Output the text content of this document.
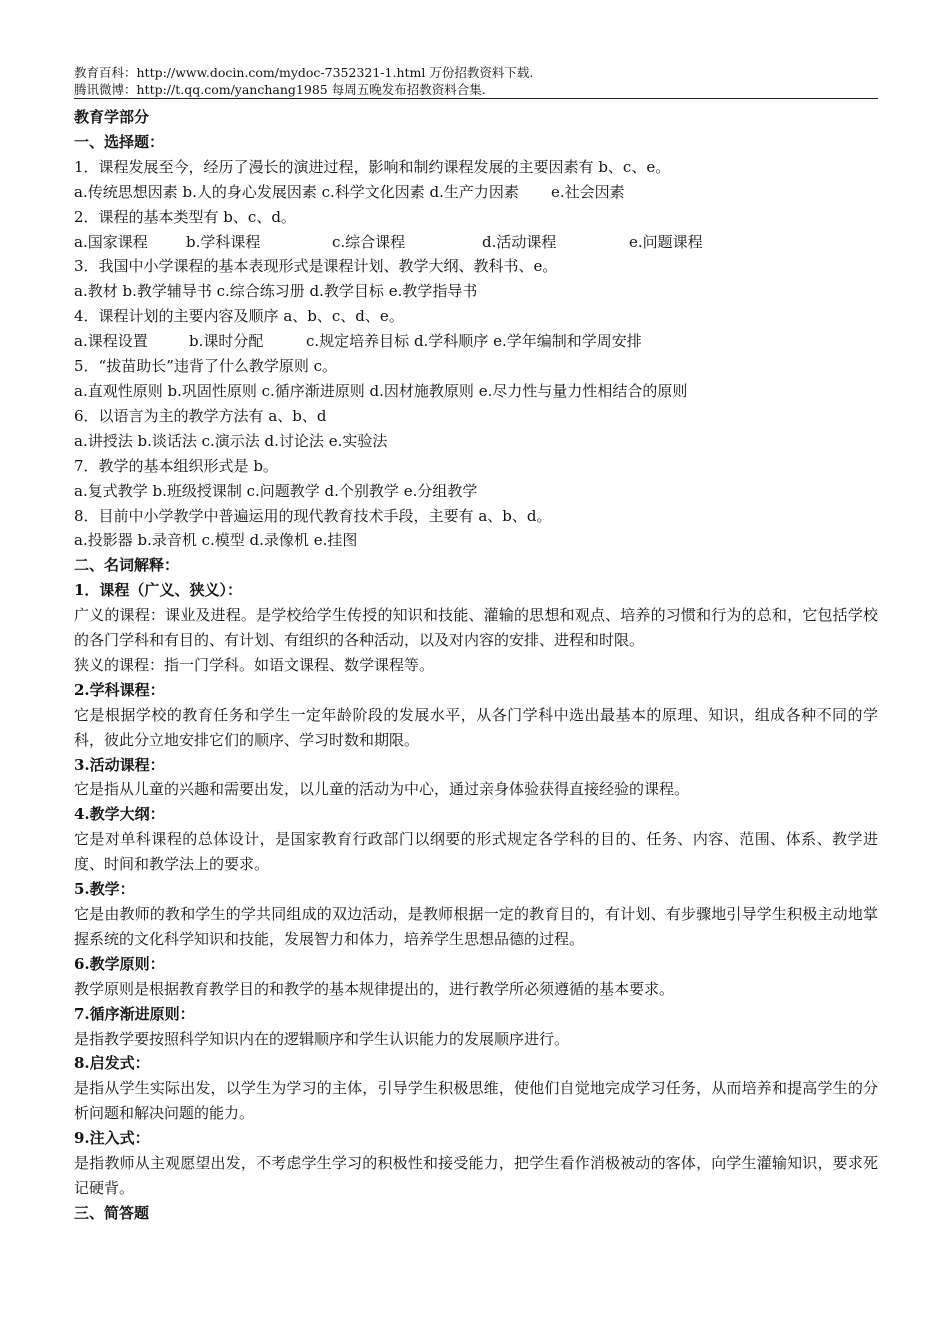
教育百科：http://www.docin.com/mydoc-7352321-1.html 万份招教资料下载.
腾讯微博：http://t.qq.com/yanchang1985 每周五晚发布招教资料合集.
教育学部分
一、选择题：
1．课程发展至今，经历了漫长的演进过程，影响和制约课程发展的主要因素有 b、c、e。
a.传统思想因素 b.人的身心发展因素 c.科学文化因素 d.生产力因素 e.社会因素
2．课程的基本类型有 b、c、d。
a.国家课程	b.学科课程	c.综合课程	d.活动课程	e.问题课程
3．我国中小学课程的基本表现形式是课程计划、教学大纲、教科书、e。
a.教材 b.教学辅导书 c.综合练习册 d.教学目标 e.教学指导书
4．课程计划的主要内容及顺序 a、b、c、d、e。
a.课程设置	b.课时分配	c.规定培养目标 d.学科顺序 e.学年编制和学周安排
5．“拔苗助长”违背了什么教学原则 c。
a.直观性原则 b.巩固性原则 c.循序渐进原则 d.因材施教原则 e.尽力性与量力性相结合的原则
6．以语言为主的教学方法有 a、b、d
a.讲授法 b.谈话法 c.演示法 d.讨论法 e.实验法
7．教学的基本组织形式是 b。
a.复式教学 b.班级授课制 c.问题教学 d.个别教学 e.分组教学
8．目前中小学教学中普遍运用的现代教育技术手段，主要有 a、b、d。
a.投影器 b.录音机 c.模型 d.录像机 e.挂图
二、名词解释：
1．课程（广义、狭义）：
广义的课程：课业及进程。是学校给学生传授的知识和技能、灌输的思想和观点、培养的习惯和行为的总和，它包括学校的各门学科和有目的、有计划、有组织的各种活动，以及对内容的安排、进程和时限。
狭义的课程：指一门学科。如语文课程、数学课程等。
2.学科课程：
它是根据学校的教育任务和学生一定年龄阶段的发展水平，从各门学科中选出最基本的原理、知识，组成各种不同的学科，彼此分立地安排它们的顺序、学习时数和期限。
3.活动课程：
它是指从儿童的兴趣和需要出发，以儿童的活动为中心，通过亲身体验获得直接经验的课程。
4.教学大纲：
它是对单科课程的总体设计，是国家教育行政部门以纲要的形式规定各学科的目的、任务、内容、范围、体系、教学进度、时间和教学法上的要求。
5.教学：
它是由教师的教和学生的学共同组成的双边活动，是教师根据一定的教育目的，有计划、有步骤地引导学生积极主动地掌握系统的文化科学知识和技能，发展智力和体力，培养学生思想品德的过程。
6.教学原则：
教学原则是根据教育教学目的和教学的基本规律提出的，进行教学所必须遵循的基本要求。
7.循序渐进原则：
是指教学要按照科学知识内在的逻辑顺序和学生认识能力的发展顺序进行。
8.启发式：
是指从学生实际出发，以学生为学习的主体，引导学生积极思维，使他们自觉地完成学习任务，从而培养和提高学生的分析问题和解决问题的能力。
9.注入式：
是指教师从主观愿望出发，不考虑学生学习的积极性和接受能力，把学生看作消极被动的客体，向学生灌输知识，要求死记硬背。
三、简答题
